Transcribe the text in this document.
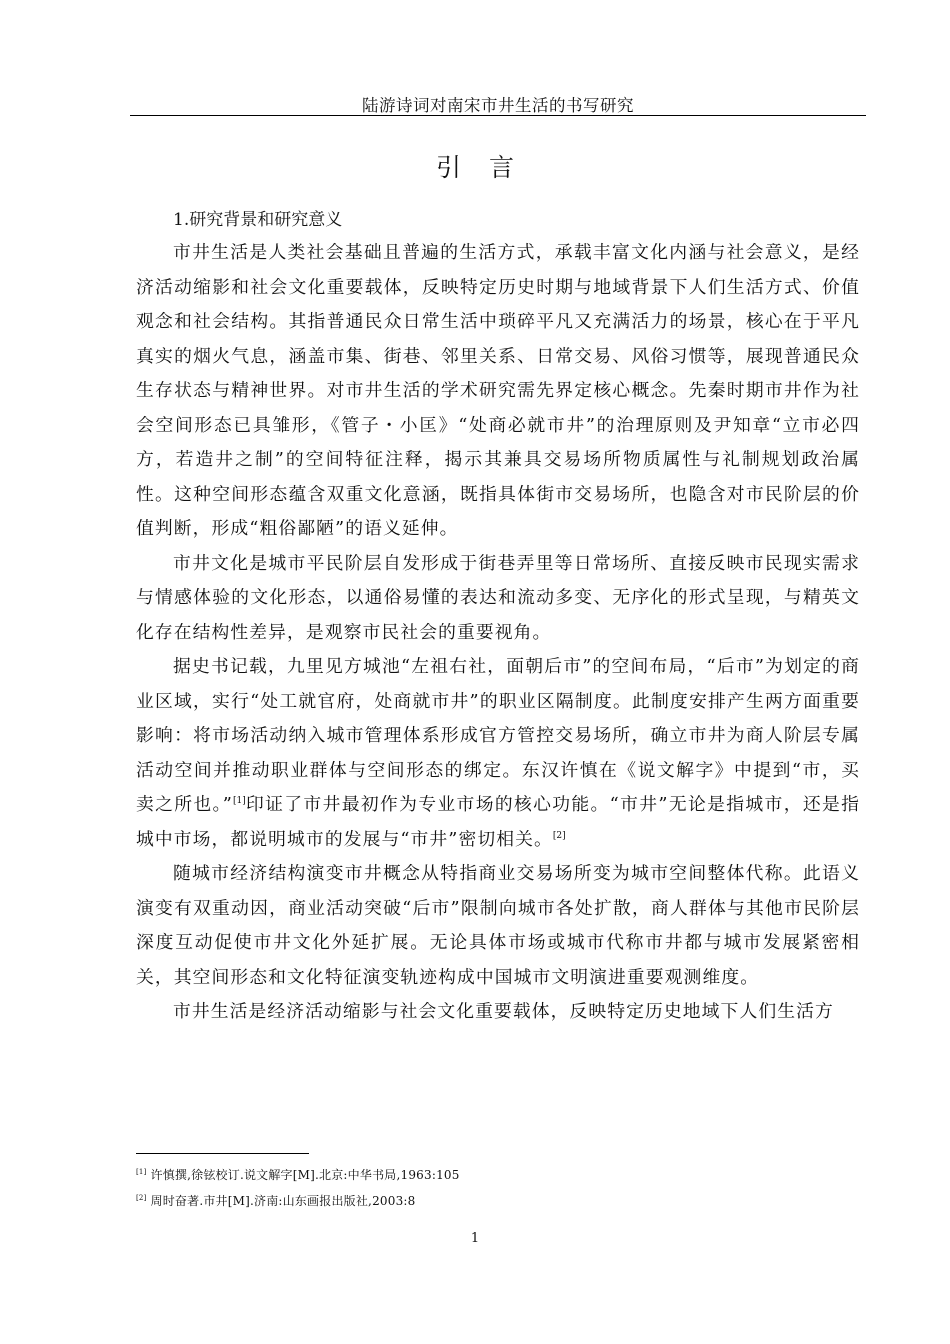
陆游诗词对南宋市井生活的书写研究
引言
1.研究背景和研究意义

市井生活是人类社会基础且普遍的生活方式，承载丰富文化内涵与社会意义，是经济活动缩影和社会文化重要载体，反映特定历史时期与地域背景下人们生活方式、价值观念和社会结构。其指普通民众日常生活中琐碎平凡又充满活力的场景，核心在于平凡真实的烟火气息，涵盖市集、街巷、邻里关系、日常交易、风俗习惯等，展现普通民众生存状态与精神世界。对市井生活的学术研究需先界定核心概念。先秦时期市井作为社会空间形态已具雏形，《管子・小匡》“处商必就市井”的治理原则及尹知章“立市必四方，若造井之制”的空间特征注释，揭示其兼具交易场所物质属性与礼制规划政治属性。这种空间形态蕴含双重文化意涵，既指具体街市交易场所，也隐含对市民阶层的价值判断，形成“粗俗鄙陋”的语义延伸。

市井文化是城市平民阶层自发形成于街巷弄里等日常场所、直接反映市民现实需求与情感体验的文化形态，以通俗易懂的表达和流动多变、无序化的形式呈现，与精英文化存在结构性差异，是观察市民社会的重要视角。

据史书记载，九里见方城池“左祖右社，面朝后市”的空间布局，“后市”为划定的商业区域，实行“处工就官府，处商就市井”的职业区隔制度。此制度安排产生两方面重要影响：将市场活动纳入城市管理体系形成官方管控交易场所，确立市井为商人阶层专属活动空间并推动职业群体与空间形态的绑定。东汉许慎在《说文解字》中提到“市，买卖之所也。”[1]印证了市井最初作为专业市场的核心功能。“市井”无论是指城市，还是指城中市场，都说明城市的发展与“市井”密切相关。[2]

随城市经济结构演变市井概念从特指商业交易场所变为城市空间整体代称。此语义演变有双重动因，商业活动突破“后市”限制向城市各处扩散，商人群体与其他市民阶层深度互动促使市井文化外延扩展。无论具体市场或城市代称市井都与城市发展紧密相关，其空间形态和文化特征演变轨迹构成中国城市文明演进重要观测维度。

市井生活是经济活动缩影与社会文化重要载体，反映特定历史地域下人们生活方

[1] 许慎撰,徐铉校订.说文解字[M].北京:中华书局,1963:105
[2] 周时奋著.市井[M].济南:山东画报出版社,2003:8
1
